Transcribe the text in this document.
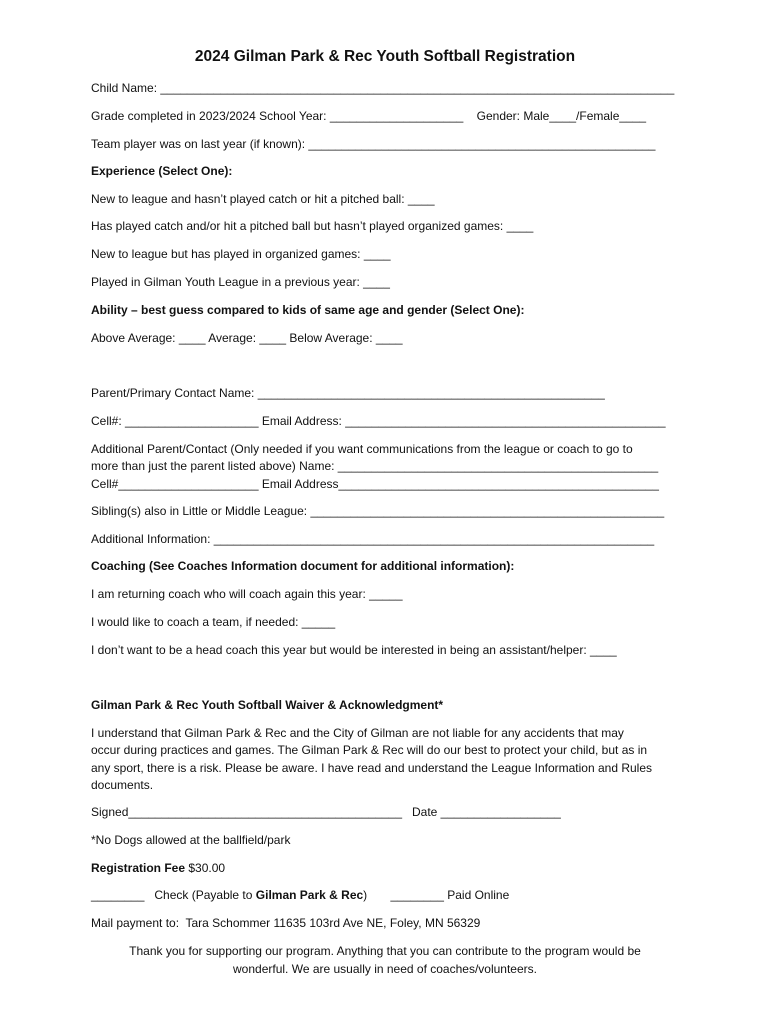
2024 Gilman Park & Rec Youth Softball Registration
Child Name: _____________________________________________________________________________
Grade completed in 2023/2024 School Year: ____________________    Gender: Male____/Female____
Team player was on last year (if known): ____________________________________________________
Experience (Select One):
New to league and hasn’t played catch or hit a pitched ball: ____
Has played catch and/or hit a pitched ball but hasn’t played organized games: ____
New to league but has played in organized games: ____
Played in Gilman Youth League in a previous year: ____
Ability – best guess compared to kids of same age and gender (Select One):
Above Average: ____ Average: ____ Below Average: ____
Parent/Primary Contact Name: ____________________________________________________
Cell#: ____________________ Email Address: ________________________________________________
Additional Parent/Contact (Only needed if you want communications from the league or coach to go to
more than just the parent listed above) Name: ________________________________________________
Cell#_____________________ Email Address________________________________________________
Sibling(s) also in Little or Middle League: _____________________________________________________
Additional Information: __________________________________________________________________
Coaching (See Coaches Information document for additional information):
I am returning coach who will coach again this year: _____
I would like to coach a team, if needed: _____
I don’t want to be a head coach this year but would be interested in being an assistant/helper: ____
Gilman Park & Rec Youth Softball Waiver & Acknowledgment*
I understand that Gilman Park & Rec and the City of Gilman are not liable for any accidents that may
occur during practices and games. The Gilman Park & Rec will do our best to protect your child, but as in
any sport, there is a risk. Please be aware. I have read and understand the League Information and Rules
documents.
Signed_________________________________________   Date __________________
*No Dogs allowed at the ballfield/park
Registration Fee $30.00
________   Check (Payable to Gilman Park & Rec)       ________ Paid Online
Mail payment to:  Tara Schommer 11635 103rd Ave NE, Foley, MN 56329
Thank you for supporting our program. Anything that you can contribute to the program would be
wonderful. We are usually in need of coaches/volunteers.
